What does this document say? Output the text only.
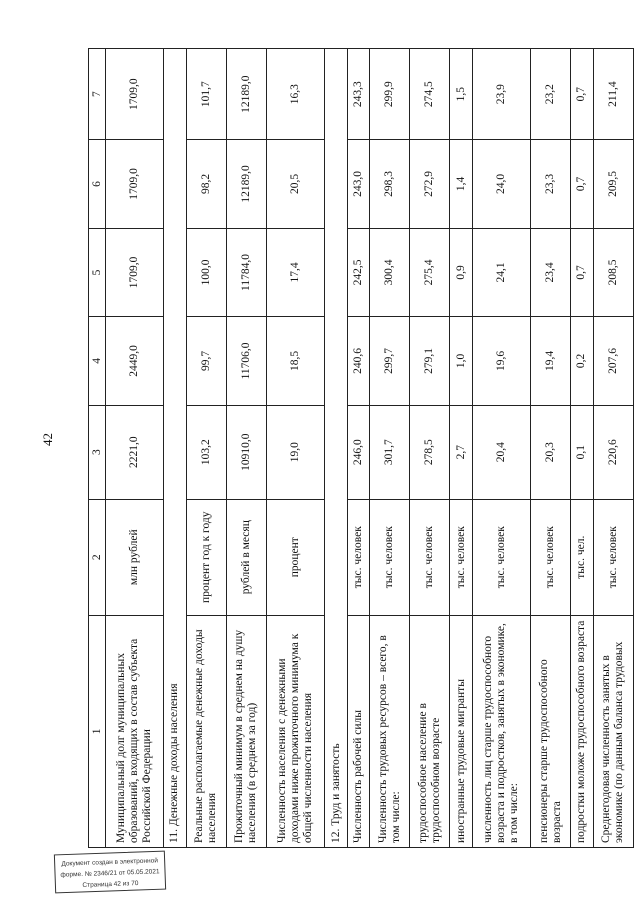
42
1	2	3	4	5	6	7
Муниципальный долг муниципальных образований, входящих в состав субъекта Российской Федерации	млн рублей	2221,0	2449,0	1709,0	1709,0	1709,0
11. Денежные доходы населения						
Реальные располагаемые денежные доходы населения	процент год к году	103,2	99,7	100,0	98,2	101,7
Прожиточный минимум в среднем на душу населения (в среднем за год)	рублей в месяц	10910,0	11706,0	11784,0	12189,0	12189,0
Численность населения с денежными доходами ниже прожиточного минимума к общей численности населения	процент	19,0	18,5	17,4	20,5	16,3
12. Труд и занятость						
Численность рабочей силы	тыс. человек	246,0	240,6	242,5	243,0	243,3
Численность трудовых ресурсов – всего, в том числе:	тыс. человек	301,7	299,7	300,4	298,3	299,9
трудоспособное население в трудоспособном возрасте	тыс. человек	278,5	279,1	275,4	272,9	274,5
иностранные трудовые мигранты	тыс. человек	2,7	1,0	0,9	1,4	1,5
численность лиц старше трудоспособного возраста и подростков, занятых в экономике, в том числе:	тыс. человек	20,4	19,6	24,1	24,0	23,9
пенсионеры старше трудоспособного возраста	тыс. человек	20,3	19,4	23,4	23,3	23,2
подростки моложе трудоспособного возраста	тыс. чел.	0,1	0,2	0,7	0,7	0,7
Среднегодовая численность занятых в экономике (по данным баланса трудовых	тыс. человек	220,6	207,6	208,5	209,5	211,4
Документ создан в электронной
форме. № 2346/21 от 05.05.2021
Страница 42 из 70
